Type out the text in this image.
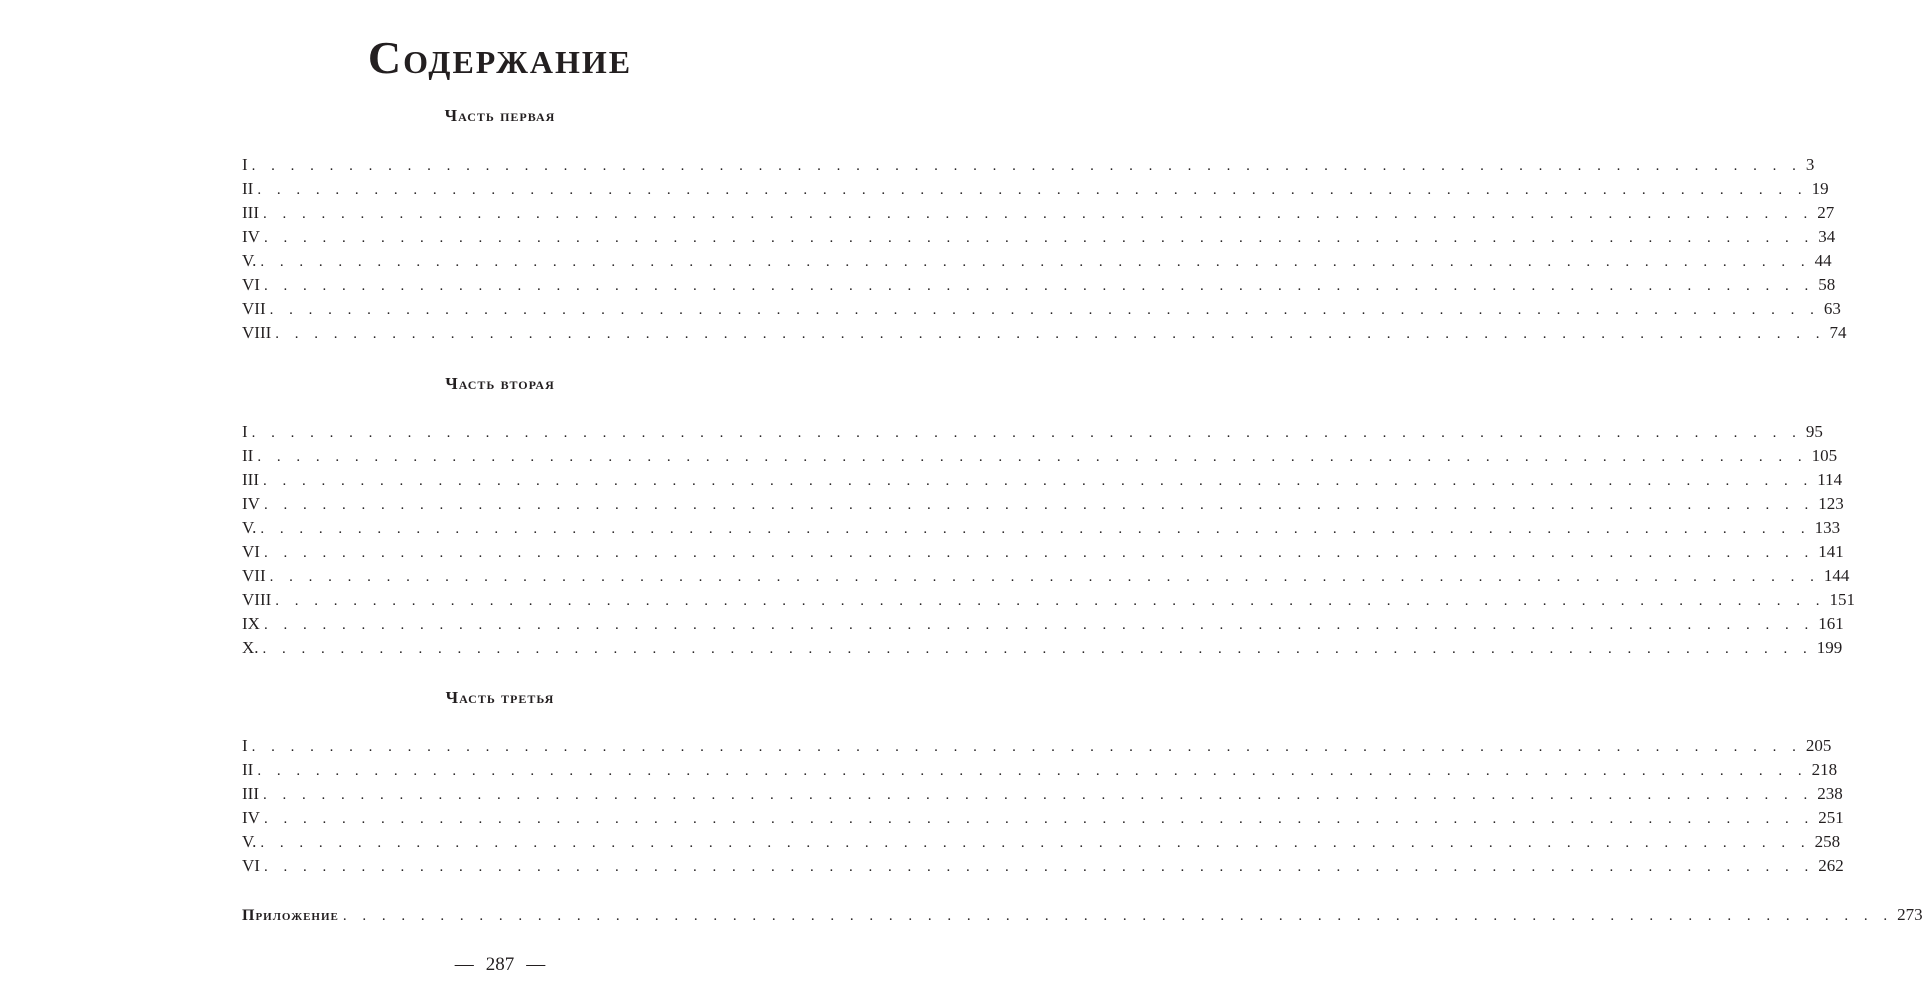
Содержание
Часть первая
I . . . . . . . . . . . . . . . . . . . . . . . . . . . . . . . . . . . . . . . . . . . . . . . . . . . . . . . . . . . . . . . . . . . . . . . . . . . . . . . . 3
II . . . . . . . . . . . . . . . . . . . . . . . . . . . . . . . . . . . . . . . . . . . . . . . . . . . . . . . . . . . . . . . . . . . . . . . . . . . . . . . . 19
III . . . . . . . . . . . . . . . . . . . . . . . . . . . . . . . . . . . . . . . . . . . . . . . . . . . . . . . . . . . . . . . . . . . . . . . . . . . . . . . . 27
IV . . . . . . . . . . . . . . . . . . . . . . . . . . . . . . . . . . . . . . . . . . . . . . . . . . . . . . . . . . . . . . . . . . . . . . . . . . . . . . . . 34
V. . . . . . . . . . . . . . . . . . . . . . . . . . . . . . . . . . . . . . . . . . . . . . . . . . . . . . . . . . . . . . . . . . . . . . . . . . . . . . . . . 44
VI . . . . . . . . . . . . . . . . . . . . . . . . . . . . . . . . . . . . . . . . . . . . . . . . . . . . . . . . . . . . . . . . . . . . . . . . . . . . . . . . 58
VII . . . . . . . . . . . . . . . . . . . . . . . . . . . . . . . . . . . . . . . . . . . . . . . . . . . . . . . . . . . . . . . . . . . . . . . . . . . . . . . . 63
VIII . . . . . . . . . . . . . . . . . . . . . . . . . . . . . . . . . . . . . . . . . . . . . . . . . . . . . . . . . . . . . . . . . . . . . . . . . . . . . . . . 74
Часть вторая
I . . . . . . . . . . . . . . . . . . . . . . . . . . . . . . . . . . . . . . . . . . . . . . . . . . . . . . . . . . . . . . . . . . . . . . . . . . . . . . . . 95
II . . . . . . . . . . . . . . . . . . . . . . . . . . . . . . . . . . . . . . . . . . . . . . . . . . . . . . . . . . . . . . . . . . . . . . . . . . . . . . . . 105
III . . . . . . . . . . . . . . . . . . . . . . . . . . . . . . . . . . . . . . . . . . . . . . . . . . . . . . . . . . . . . . . . . . . . . . . . . . . . . . . . 114
IV . . . . . . . . . . . . . . . . . . . . . . . . . . . . . . . . . . . . . . . . . . . . . . . . . . . . . . . . . . . . . . . . . . . . . . . . . . . . . . . . 123
V. . . . . . . . . . . . . . . . . . . . . . . . . . . . . . . . . . . . . . . . . . . . . . . . . . . . . . . . . . . . . . . . . . . . . . . . . . . . . . . . . 133
VI . . . . . . . . . . . . . . . . . . . . . . . . . . . . . . . . . . . . . . . . . . . . . . . . . . . . . . . . . . . . . . . . . . . . . . . . . . . . . . . . 141
VII . . . . . . . . . . . . . . . . . . . . . . . . . . . . . . . . . . . . . . . . . . . . . . . . . . . . . . . . . . . . . . . . . . . . . . . . . . . . . . . . 144
VIII . . . . . . . . . . . . . . . . . . . . . . . . . . . . . . . . . . . . . . . . . . . . . . . . . . . . . . . . . . . . . . . . . . . . . . . . . . . . . . . . 151
IX . . . . . . . . . . . . . . . . . . . . . . . . . . . . . . . . . . . . . . . . . . . . . . . . . . . . . . . . . . . . . . . . . . . . . . . . . . . . . . . . 161
X. . . . . . . . . . . . . . . . . . . . . . . . . . . . . . . . . . . . . . . . . . . . . . . . . . . . . . . . . . . . . . . . . . . . . . . . . . . . . . . . . 199
Часть третья
I . . . . . . . . . . . . . . . . . . . . . . . . . . . . . . . . . . . . . . . . . . . . . . . . . . . . . . . . . . . . . . . . . . . . . . . . . . . . . . . . 205
II . . . . . . . . . . . . . . . . . . . . . . . . . . . . . . . . . . . . . . . . . . . . . . . . . . . . . . . . . . . . . . . . . . . . . . . . . . . . . . . . 218
III . . . . . . . . . . . . . . . . . . . . . . . . . . . . . . . . . . . . . . . . . . . . . . . . . . . . . . . . . . . . . . . . . . . . . . . . . . . . . . . . 238
IV . . . . . . . . . . . . . . . . . . . . . . . . . . . . . . . . . . . . . . . . . . . . . . . . . . . . . . . . . . . . . . . . . . . . . . . . . . . . . . . . 251
V. . . . . . . . . . . . . . . . . . . . . . . . . . . . . . . . . . . . . . . . . . . . . . . . . . . . . . . . . . . . . . . . . . . . . . . . . . . . . . . . . 258
VI . . . . . . . . . . . . . . . . . . . . . . . . . . . . . . . . . . . . . . . . . . . . . . . . . . . . . . . . . . . . . . . . . . . . . . . . . . . . . . . . 262
Приложение . . . . . . . . . . . . . . . . . . . . . . . . . . . . . . . . . . . . . . . . . . . . . . . . . . . . . . . . . . . . . . . . . . . . . . . . . . . . . . . . 273
— 287 —
